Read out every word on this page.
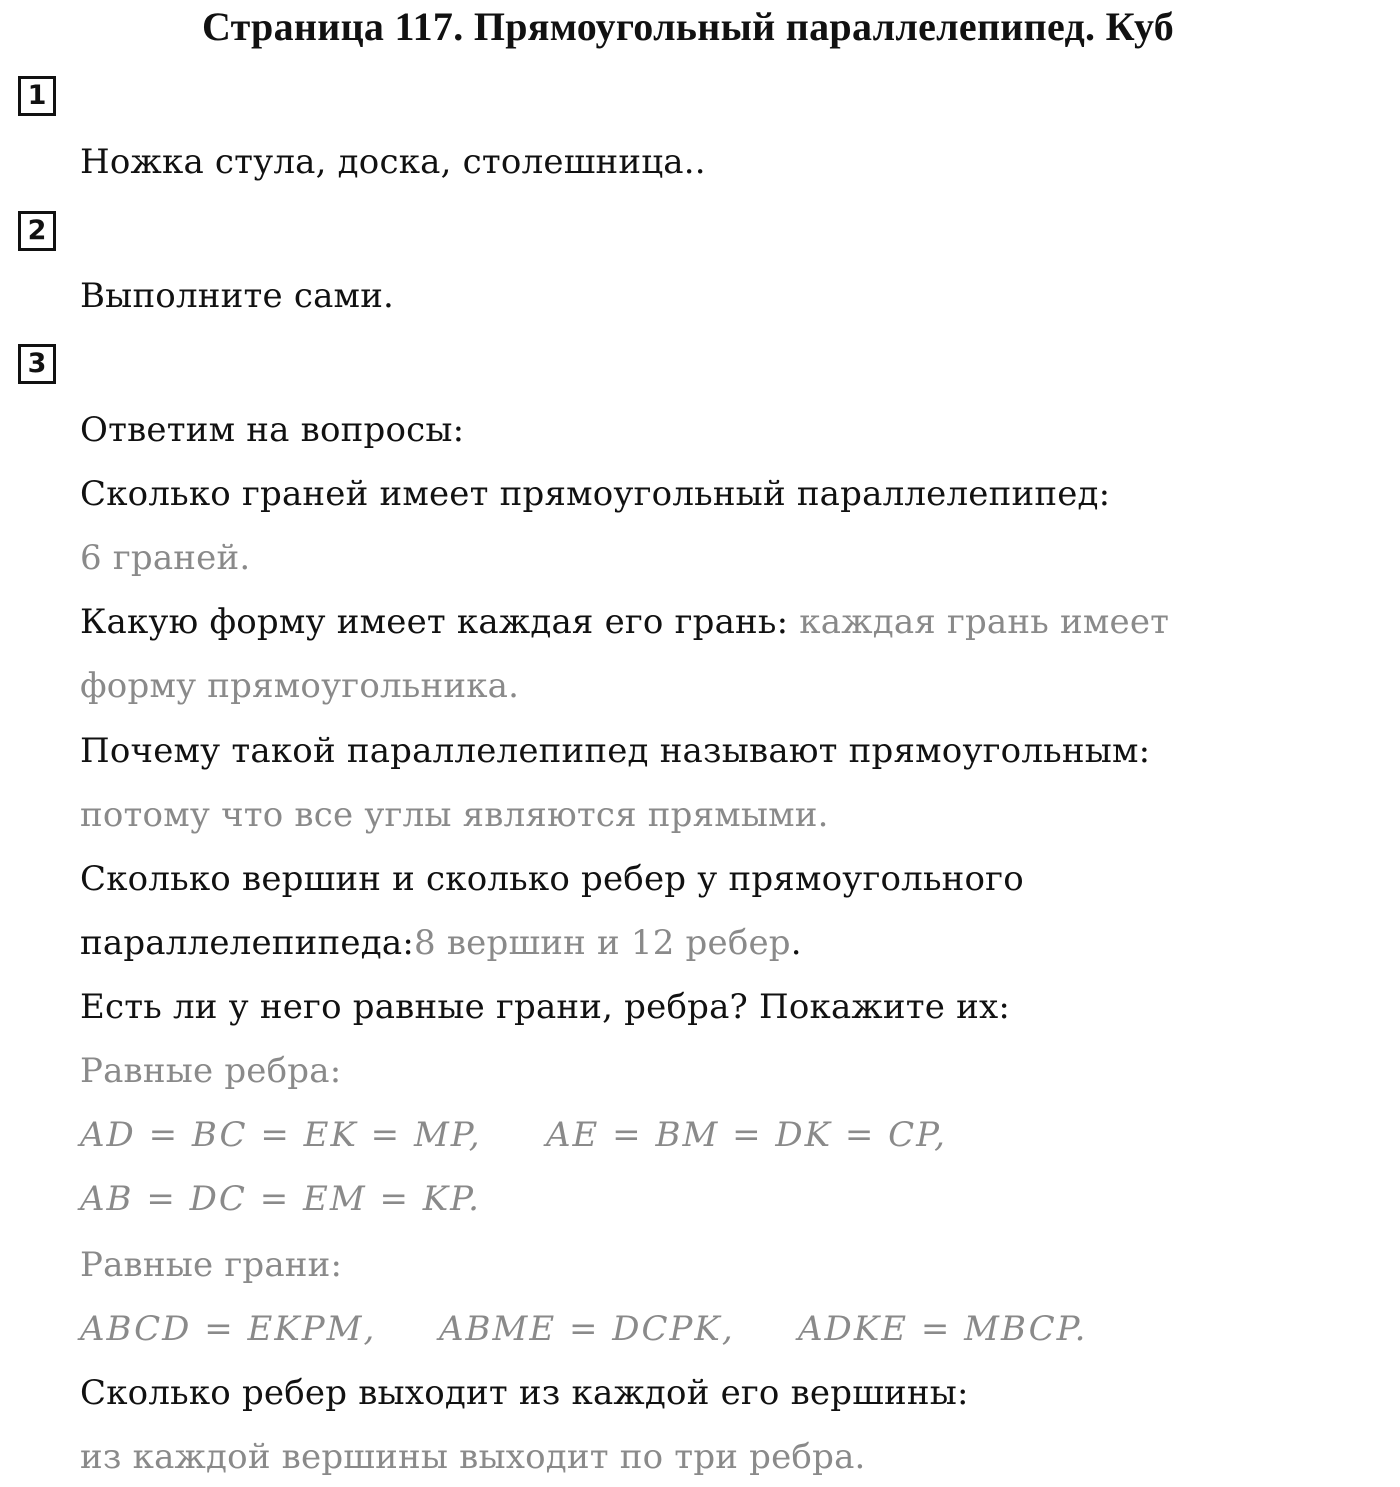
Страница 117. Прямоугольный параллелепипед. Куб
1
Ножка стула, доска, столешница..
2
Выполните сами.
3
Ответим на вопросы:
Сколько граней имеет прямоугольный параллелепипед:
6 граней.
Какую форму имеет каждая его грань: каждая грань имеет
форму прямоугольника.
Почему такой параллелепипед называют прямоугольным:
потому что все углы являются прямыми.
Сколько вершин и сколько ребер у прямоугольного
параллелепипеда:8 вершин и 12 ребер.
Есть ли у него равные грани, ребра? Покажите их:
Равные ребра:
AD = BC = EK = MP, AE = BM = DK = CP,
AB = DC = EM = KP.
Равные грани:
ABCD = EKPM, ABME = DCPK, ADKE = MBCP.
Сколько ребер выходит из каждой его вершины:
из каждой вершины выходит по три ребра.
